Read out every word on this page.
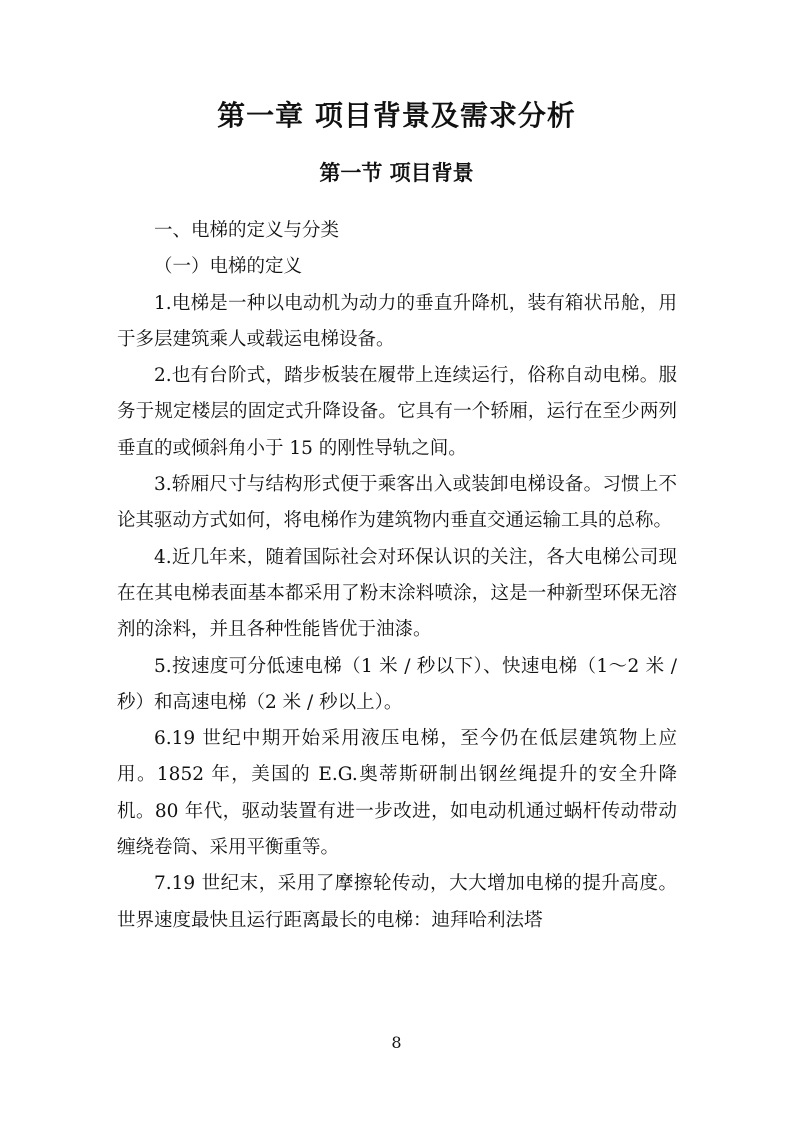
第一章 项目背景及需求分析
第一节 项目背景

一、电梯的定义与分类

（一）电梯的定义

1.电梯是一种以电动机为动力的垂直升降机，装有箱状吊舱，用于多层建筑乘人或载运电梯设备。

2.也有台阶式，踏步板装在履带上连续运行，俗称自动电梯。服务于规定楼层的固定式升降设备。它具有一个轿厢，运行在至少两列垂直的或倾斜角小于 15 的刚性导轨之间。

3.轿厢尺寸与结构形式便于乘客出入或装卸电梯设备。习惯上不论其驱动方式如何，将电梯作为建筑物内垂直交通运输工具的总称。

4.近几年来，随着国际社会对环保认识的关注，各大电梯公司现在在其电梯表面基本都采用了粉末涂料喷涂，这是一种新型环保无溶剂的涂料，并且各种性能皆优于油漆。

5.按速度可分低速电梯（1 米 / 秒以下）、快速电梯（1～2 米 / 秒）和高速电梯（2 米 / 秒以上）。

6.19 世纪中期开始采用液压电梯，至今仍在低层建筑物上应用。1852 年，美国的 E.G.奥蒂斯研制出钢丝绳提升的安全升降机。80 年代，驱动装置有进一步改进，如电动机通过蜗杆传动带动缠绕卷筒、采用平衡重等。

7.19 世纪末，采用了摩擦轮传动，大大增加电梯的提升高度。世界速度最快且运行距离最长的电梯：迪拜哈利法塔

8
